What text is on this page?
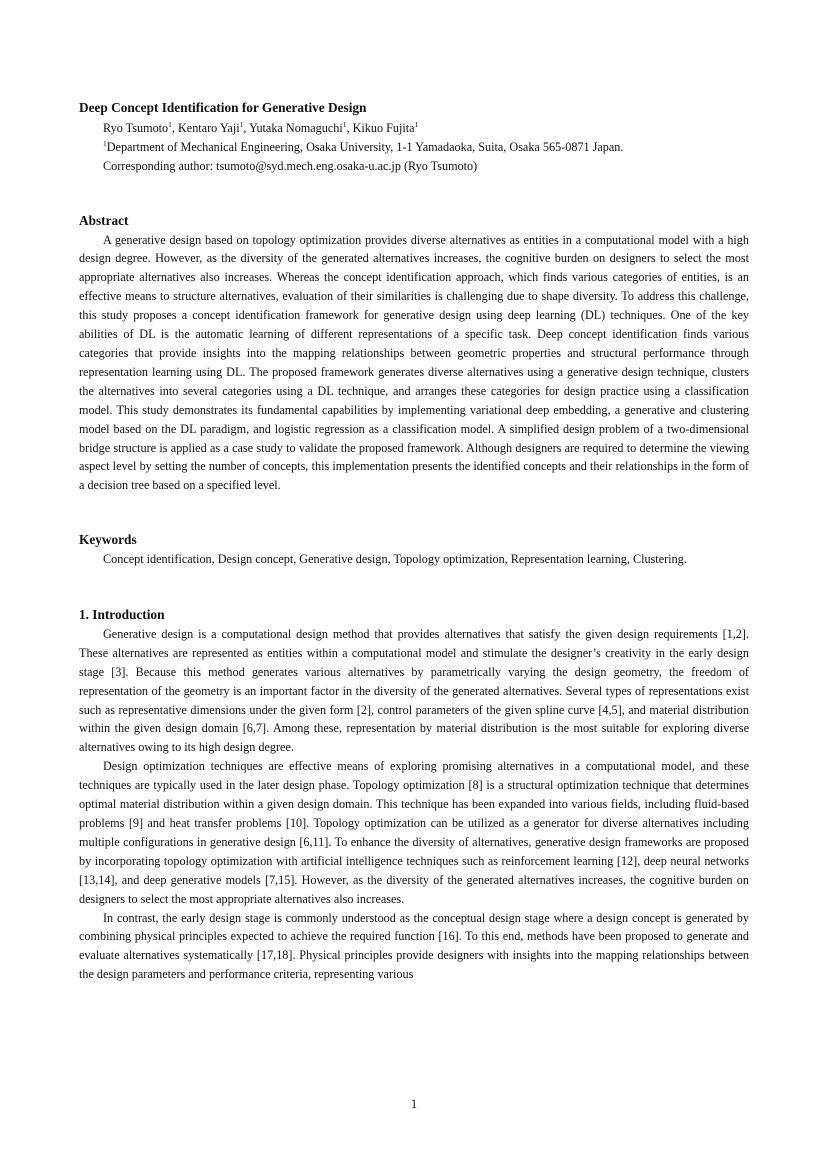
Deep Concept Identification for Generative Design
Ryo Tsumoto$^1$, Kentaro Yaji$^1$, Yutaka Nomaguchi$^1$, Kikuo Fujita$^1$
$^1$Department of Mechanical Engineering, Osaka University, 1-1 Yamadaoka, Suita, Osaka 565-0871 Japan.
Corresponding author: tsumoto@syd.mech.eng.osaka-u.ac.jp (Ryo Tsumoto)
Abstract

A generative design based on topology optimization provides diverse alternatives as entities in a computational model with a high design degree. However, as the diversity of the generated alternatives increases, the cognitive burden on designers to select the most appropriate alternatives also increases. Whereas the concept identification approach, which finds various categories of entities, is an effective means to structure alternatives, evaluation of their similarities is challenging due to shape diversity. To address this challenge, this study proposes a concept identification framework for generative design using deep learning (DL) techniques. One of the key abilities of DL is the automatic learning of different representations of a specific task. Deep concept identification finds various categories that provide insights into the mapping relationships between geometric properties and structural performance through representation learning using DL. The proposed framework generates diverse alternatives using a generative design technique, clusters the alternatives into several categories using a DL technique, and arranges these categories for design practice using a classification model. This study demonstrates its fundamental capabilities by implementing variational deep embedding, a generative and clustering model based on the DL paradigm, and logistic regression as a classification model. A simplified design problem of a two-dimensional bridge structure is applied as a case study to validate the proposed framework. Although designers are required to determine the viewing aspect level by setting the number of concepts, this implementation presents the identified concepts and their relationships in the form of a decision tree based on a specified level.

Keywords

Concept identification, Design concept, Generative design, Topology optimization, Representation learning, Clustering.

1. Introduction

Generative design is a computational design method that provides alternatives that satisfy the given design requirements [1,2]. These alternatives are represented as entities within a computational model and stimulate the designer’s creativity in the early design stage [3]. Because this method generates various alternatives by parametrically varying the design geometry, the freedom of representation of the geometry is an important factor in the diversity of the generated alternatives. Several types of representations exist such as representative dimensions under the given form [2], control parameters of the given spline curve [4,5], and material distribution within the given design domain [6,7]. Among these, representation by material distribution is the most suitable for exploring diverse alternatives owing to its high design degree.

Design optimization techniques are effective means of exploring promising alternatives in a computational model, and these techniques are typically used in the later design phase. Topology optimization [8] is a structural optimization technique that determines optimal material distribution within a given design domain. This technique has been expanded into various fields, including fluid-based problems [9] and heat transfer problems [10]. Topology optimization can be utilized as a generator for diverse alternatives including multiple configurations in generative design [6,11]. To enhance the diversity of alternatives, generative design frameworks are proposed by incorporating topology optimization with artificial intelligence techniques such as reinforcement learning [12], deep neural networks [13,14], and deep generative models [7,15]. However, as the diversity of the generated alternatives increases, the cognitive burden on designers to select the most appropriate alternatives also increases.

In contrast, the early design stage is commonly understood as the conceptual design stage where a design concept is generated by combining physical principles expected to achieve the required function [16]. To this end, methods have been proposed to generate and evaluate alternatives systematically [17,18]. Physical principles provide designers with insights into the mapping relationships between the design parameters and performance criteria, representing various

1
